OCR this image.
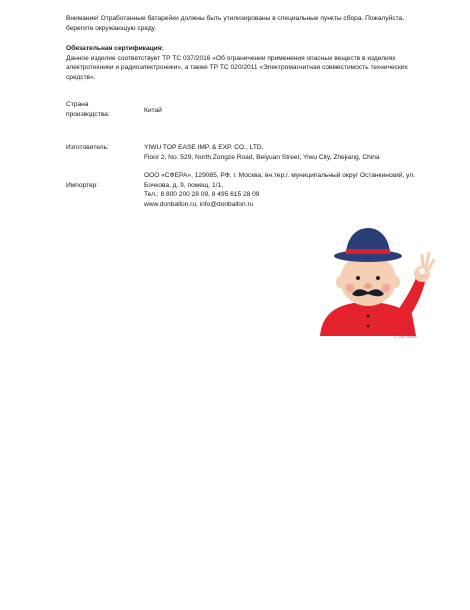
Внимание! Отработанные батарейки должны быть утилизированы в специальные пункты сбора. Пожалуйста,
берегите окружающую среду.
Обязательная сертификация:
Данное изделие соответствует ТР ТС 037/2016 «Об ограничении применения опасных веществ в изделиях
электротехники и радиоэлектроники», а также ТР ТС 020/2011 «Электромагнитная совместимость технических
средств».
Страна
производства:
Китай
Изготовитель:	YIWU TOP EASE IMP. & EXP. CO., LTD.
Floor 2, No. 529, North Zongze Road, Beiyuan Street, Yiwu City, Zhejiang, China
Импортер:
ООО «СФЕРА», 129085, РФ, г. Москва, вн.тер.г. муниципальный округ Останкинский, ул.
Бочкова, д. 9, помещ. 1/1,
Тел.: 8 800 200 28 09, 8 495 615 28 09
www.donballon.ru, info@donballon.ru
© Don Ballon
